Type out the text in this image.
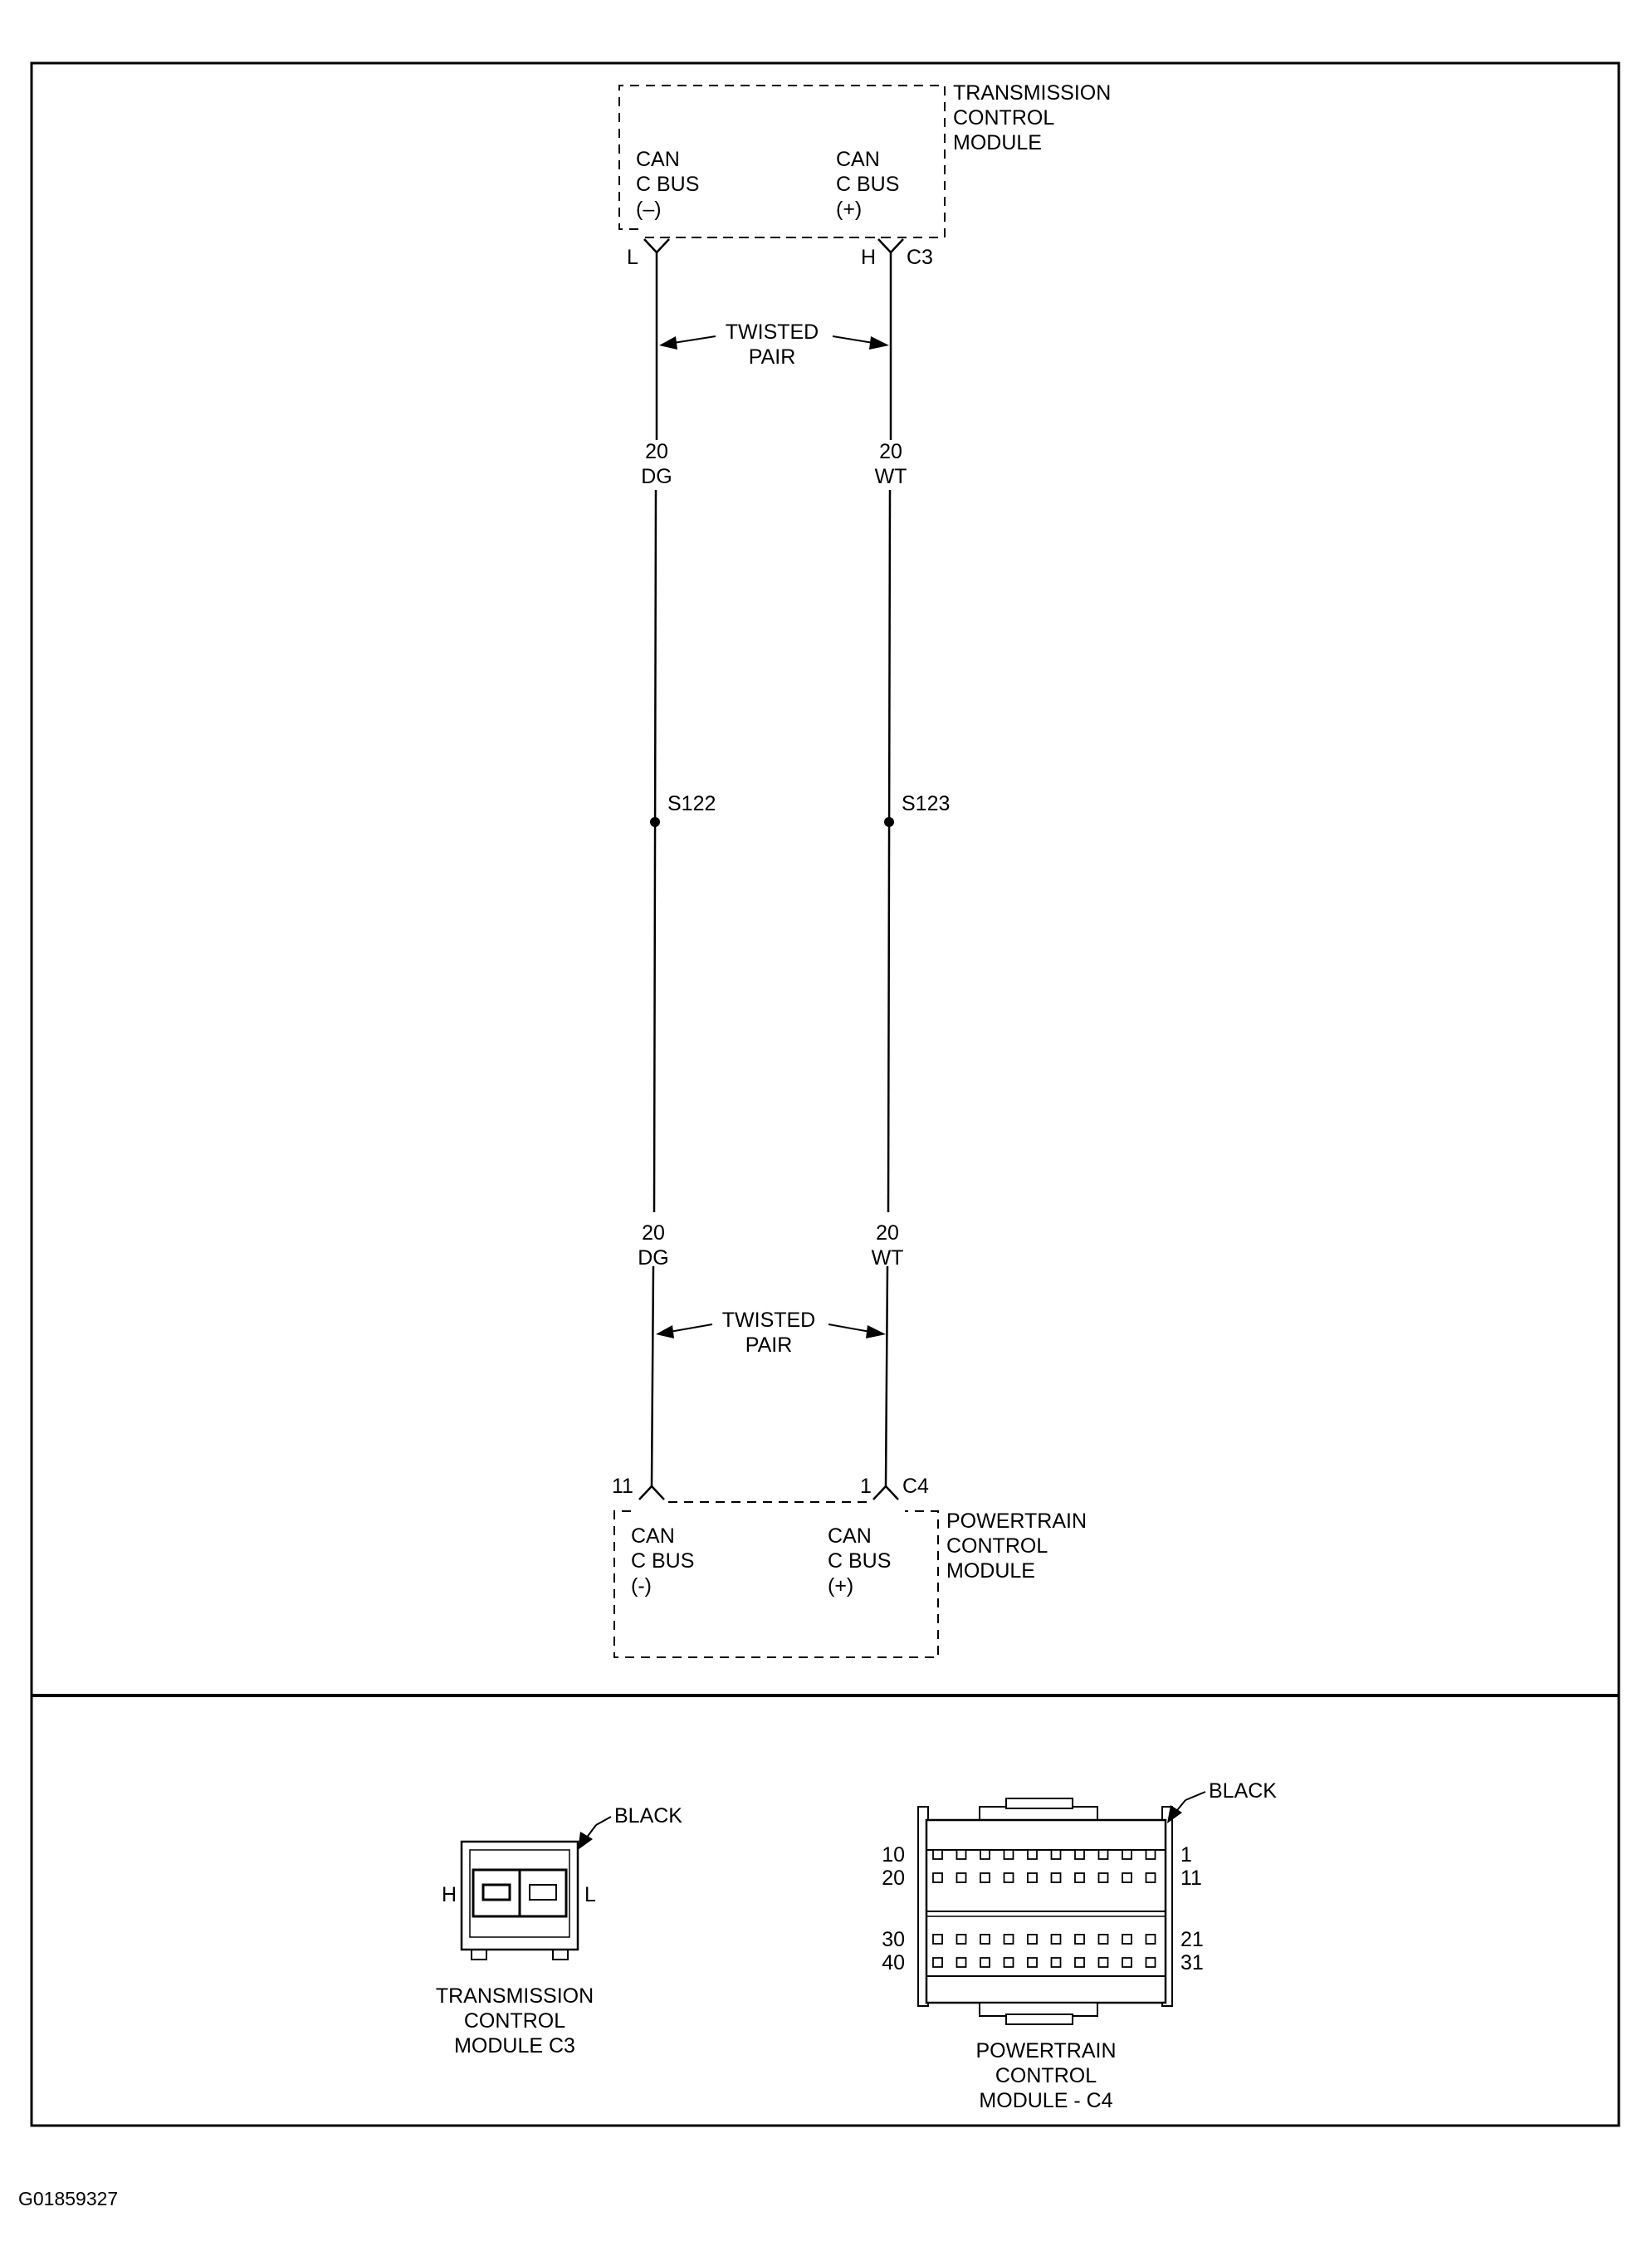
TRANSMISSION
CONTROL
MODULE
CAN
C BUS
(–)
CAN
C BUS
(+)
L	H C3
TWISTED
PAIR
20
DG
20
WT
S122	S123
20
DG
20
WT
TWISTED
PAIR
11	1 C4
POWERTRAIN
CONTROL
MODULE
CAN
C BUS
(-)
CAN
C BUS
(+)
H	L
BLACK
TRANSMISSION
CONTROL
MODULE C3
10
20
30
40
1
11
21
31
BLACK
POWERTRAIN
CONTROL
MODULE - C4
G01859327
